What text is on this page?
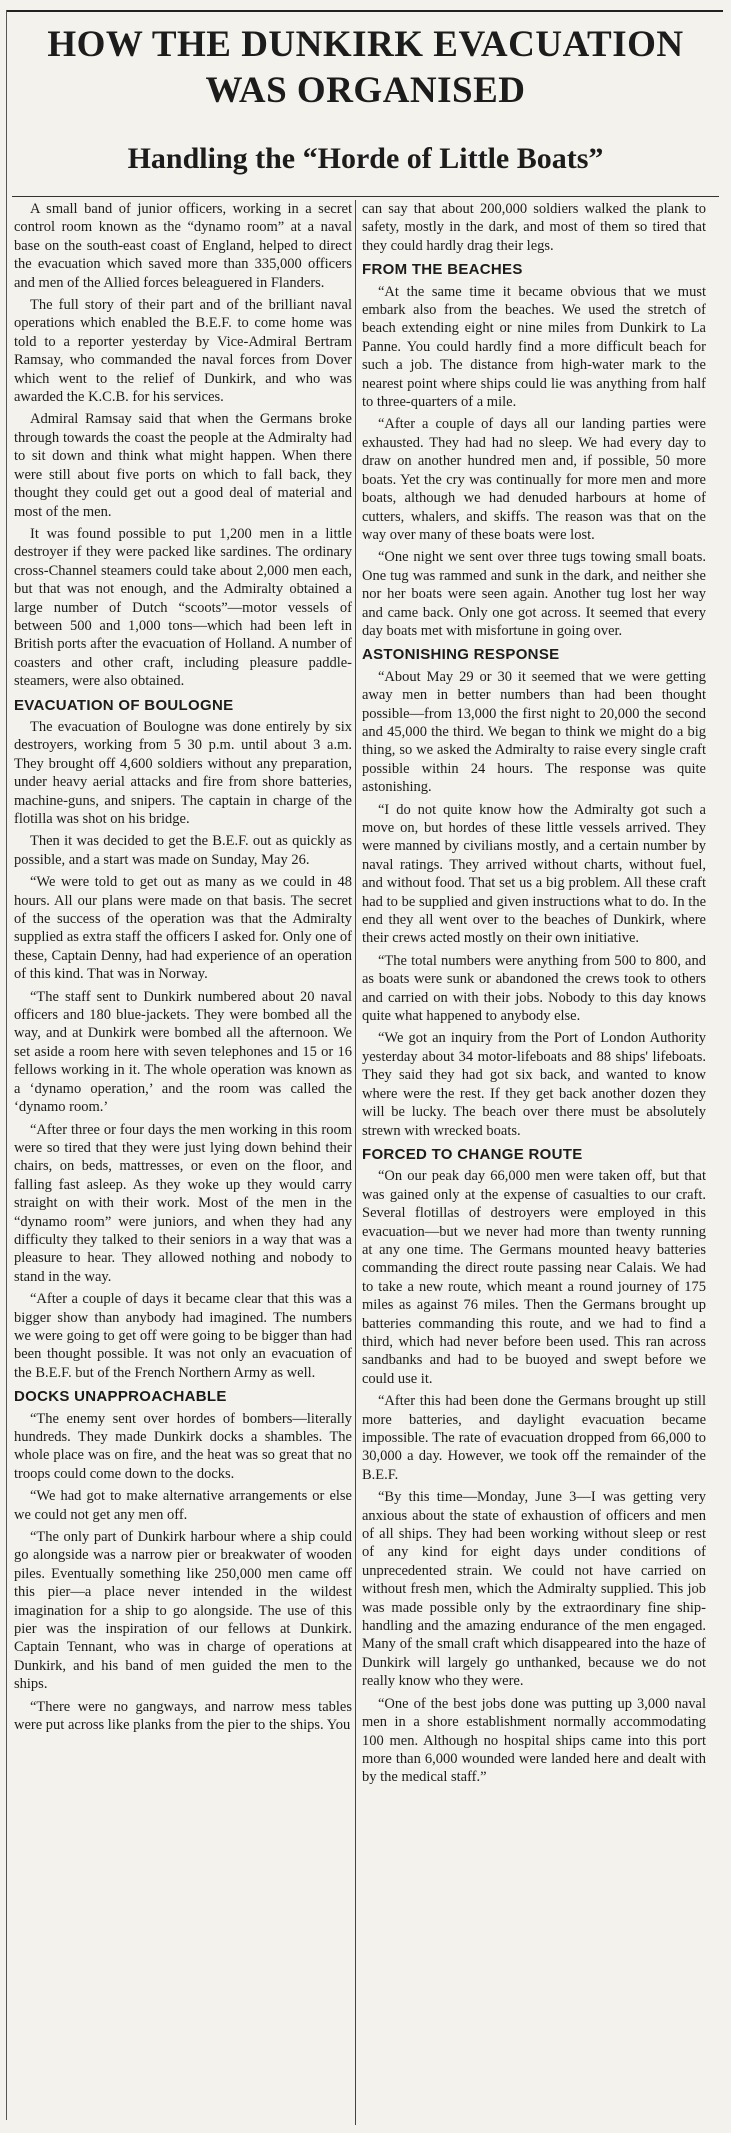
HOW THE DUNKIRK EVACUATION
WAS ORGANISED
Handling the “Horde of Little Boats”

A small band of junior officers, working in a secret control room known as the “dynamo room” at a naval base on the south-east coast of England, helped to direct the evacuation which saved more than 335,000 officers and men of the Allied forces beleaguered in Flanders.

The full story of their part and of the brilliant naval operations which enabled the B.E.F. to come home was told to a reporter yesterday by Vice-Admiral Bertram Ramsay, who commanded the naval forces from Dover which went to the relief of Dunkirk, and who was awarded the K.C.B. for his services.

Admiral Ramsay said that when the Germans broke through towards the coast the people at the Admiralty had to sit down and think what might happen. When there were still about five ports on which to fall back, they thought they could get out a good deal of material and most of the men.

It was found possible to put 1,200 men in a little destroyer if they were packed like sardines. The ordinary cross-Channel steamers could take about 2,000 men each, but that was not enough, and the Admiralty obtained a large number of Dutch “scoots”—motor vessels of between 500 and 1,000 tons—which had been left in British ports after the evacuation of Holland. A number of coasters and other craft, including pleasure paddle-steamers, were also obtained.

EVACUATION OF BOULOGNE

The evacuation of Boulogne was done entirely by six destroyers, working from 5 30 p.m. until about 3 a.m. They brought off 4,600 soldiers without any preparation, under heavy aerial attacks and fire from shore batteries, machine-guns, and snipers. The captain in charge of the flotilla was shot on his bridge.

Then it was decided to get the B.E.F. out as quickly as possible, and a start was made on Sunday, May 26.

“We were told to get out as many as we could in 48 hours. All our plans were made on that basis. The secret of the success of the operation was that the Admiralty supplied as extra staff the officers I asked for. Only one of these, Captain Denny, had had experience of an operation of this kind. That was in Norway.

“The staff sent to Dunkirk numbered about 20 naval officers and 180 blue-jackets. They were bombed all the way, and at Dunkirk were bombed all the afternoon. We set aside a room here with seven telephones and 15 or 16 fellows working in it. The whole operation was known as a ‘dynamo operation,’ and the room was called the ‘dynamo room.’

“After three or four days the men working in this room were so tired that they were just lying down behind their chairs, on beds, mattresses, or even on the floor, and falling fast asleep. As they woke up they would carry straight on with their work. Most of the men in the “dynamo room” were juniors, and when they had any difficulty they talked to their seniors in a way that was a pleasure to hear. They allowed nothing and nobody to stand in the way.

“After a couple of days it became clear that this was a bigger show than anybody had imagined. The numbers we were going to get off were going to be bigger than had been thought possible. It was not only an evacuation of the B.E.F. but of the French Northern Army as well.

DOCKS UNAPPROACHABLE

“The enemy sent over hordes of bombers—literally hundreds. They made Dunkirk docks a shambles. The whole place was on fire, and the heat was so great that no troops could come down to the docks.

“We had got to make alternative arrangements or else we could not get any men off.

“The only part of Dunkirk harbour where a ship could go alongside was a narrow pier or breakwater of wooden piles. Eventually something like 250,000 men came off this pier—a place never intended in the wildest imagination for a ship to go alongside. The use of this pier was the inspiration of our fellows at Dunkirk. Captain Tennant, who was in charge of operations at Dunkirk, and his band of men guided the men to the ships.

“There were no gangways, and narrow mess tables were put across like planks from the pier to the ships. You

can say that about 200,000 soldiers walked the plank to safety, mostly in the dark, and most of them so tired that they could hardly drag their legs.

FROM THE BEACHES

“At the same time it became obvious that we must embark also from the beaches. We used the stretch of beach extending eight or nine miles from Dunkirk to La Panne. You could hardly find a more difficult beach for such a job. The distance from high-water mark to the nearest point where ships could lie was anything from half to three-quarters of a mile.

“After a couple of days all our landing parties were exhausted. They had had no sleep. We had every day to draw on another hundred men and, if possible, 50 more boats. Yet the cry was continually for more men and more boats, although we had denuded harbours at home of cutters, whalers, and skiffs. The reason was that on the way over many of these boats were lost.

“One night we sent over three tugs towing small boats. One tug was rammed and sunk in the dark, and neither she nor her boats were seen again. Another tug lost her way and came back. Only one got across. It seemed that every day boats met with misfortune in going over.

ASTONISHING RESPONSE

“About May 29 or 30 it seemed that we were getting away men in better numbers than had been thought possible—from 13,000 the first night to 20,000 the second and 45,000 the third. We began to think we might do a big thing, so we asked the Admiralty to raise every single craft possible within 24 hours. The response was quite astonishing.

“I do not quite know how the Admiralty got such a move on, but hordes of these little vessels arrived. They were manned by civilians mostly, and a certain number by naval ratings. They arrived without charts, without fuel, and without food. That set us a big problem. All these craft had to be supplied and given instructions what to do. In the end they all went over to the beaches of Dunkirk, where their crews acted mostly on their own initiative.

“The total numbers were anything from 500 to 800, and as boats were sunk or abandoned the crews took to others and carried on with their jobs. Nobody to this day knows quite what happened to anybody else.

“We got an inquiry from the Port of London Authority yesterday about 34 motor-lifeboats and 88 ships' lifeboats. They said they had got six back, and wanted to know where were the rest. If they get back another dozen they will be lucky. The beach over there must be absolutely strewn with wrecked boats.

FORCED TO CHANGE ROUTE

“On our peak day 66,000 men were taken off, but that was gained only at the expense of casualties to our craft. Several flotillas of destroyers were employed in this evacuation—but we never had more than twenty running at any one time. The Germans mounted heavy batteries commanding the direct route passing near Calais. We had to take a new route, which meant a round journey of 175 miles as against 76 miles. Then the Germans brought up batteries commanding this route, and we had to find a third, which had never before been used. This ran across sandbanks and had to be buoyed and swept before we could use it.

“After this had been done the Germans brought up still more batteries, and daylight evacuation became impossible. The rate of evacuation dropped from 66,000 to 30,000 a day. However, we took off the remainder of the B.E.F.

“By this time—Monday, June 3—I was getting very anxious about the state of exhaustion of officers and men of all ships. They had been working without sleep or rest of any kind for eight days under conditions of unprecedented strain. We could not have carried on without fresh men, which the Admiralty supplied. This job was made possible only by the extraordinary fine ship-handling and the amazing endurance of the men engaged. Many of the small craft which disappeared into the haze of Dunkirk will largely go unthanked, because we do not really know who they were.

“One of the best jobs done was putting up 3,000 naval men in a shore establishment normally accommodating 100 men. Although no hospital ships came into this port more than 6,000 wounded were landed here and dealt with by the medical staff.”
